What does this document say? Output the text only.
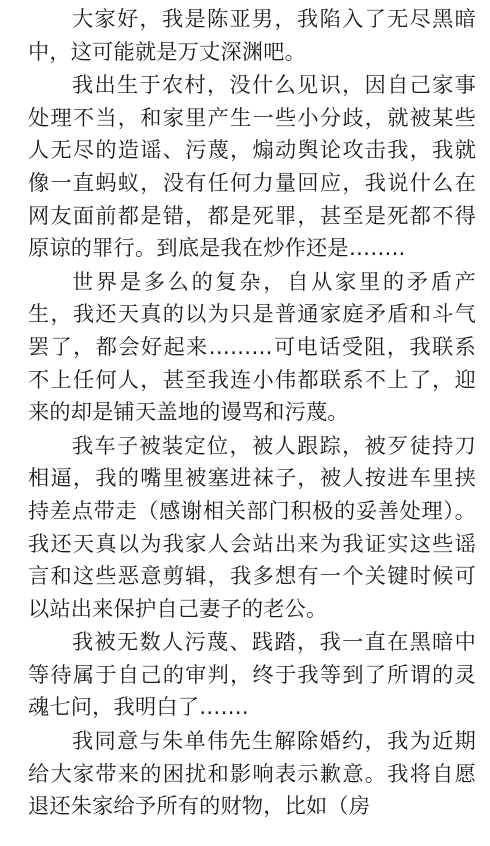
大家好，我是陈亚男，我陷入了无尽黑暗中，这可能就是万丈深渊吧。

我出生于农村，没什么见识，因自己家事处理不当，和家里产生一些小分歧，就被某些人无尽的造谣、污蔑，煽动舆论攻击我，我就像一直蚂蚁，没有任何力量回应，我说什么在网友面前都是错，都是死罪，甚至是死都不得原谅的罪行。到底是我在炒作还是……..

世界是多么的复杂，自从家里的矛盾产生，我还天真的以为只是普通家庭矛盾和斗气罢了，都会好起来………可电话受阻，我联系不上任何人，甚至我连小伟都联系不上了，迎来的却是铺天盖地的谩骂和污蔑。

我车子被装定位，被人跟踪，被歹徒持刀相逼，我的嘴里被塞进袜子，被人按进车里挟持差点带走（感谢相关部门积极的妥善处理）。我还天真以为我家人会站出来为我证实这些谣言和这些恶意剪辑，我多想有一个关键时候可以站出来保护自己妻子的老公。

我被无数人污蔑、践踏，我一直在黑暗中等待属于自己的审判，终于我等到了所谓的灵魂七问，我明白了…….

我同意与朱单伟先生解除婚约，我为近期给大家带来的困扰和影响表示歉意。我将自愿退还朱家给予所有的财物，比如（房
